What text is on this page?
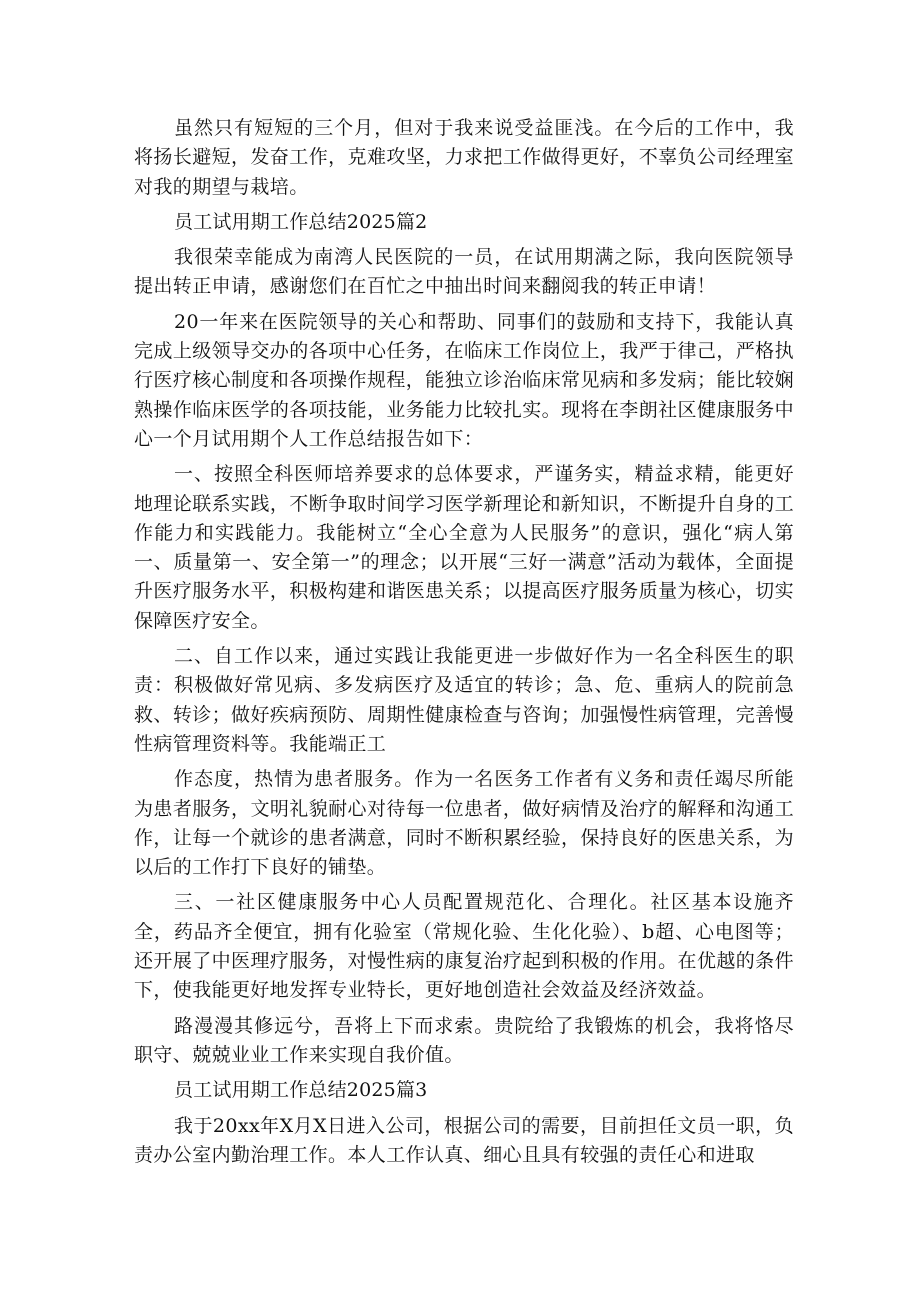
虽然只有短短的三个月，但对于我来说受益匪浅。在今后的工作中，我将扬长避短，发奋工作，克难攻坚，力求把工作做得更好，不辜负公司经理室对我的期望与栽培。

员工试用期工作总结2025篇2

我很荣幸能成为南湾人民医院的一员，在试用期满之际，我向医院领导提出转正申请，感谢您们在百忙之中抽出时间来翻阅我的转正申请！

20一年来在医院领导的关心和帮助、同事们的鼓励和支持下，我能认真完成上级领导交办的各项中心任务，在临床工作岗位上，我严于律己，严格执行医疗核心制度和各项操作规程，能独立诊治临床常见病和多发病；能比较娴熟操作临床医学的各项技能，业务能力比较扎实。现将在李朗社区健康服务中心一个月试用期个人工作总结报告如下：

一、按照全科医师培养要求的总体要求，严谨务实，精益求精，能更好地理论联系实践，不断争取时间学习医学新理论和新知识，不断提升自身的工作能力和实践能力。我能树立“全心全意为人民服务”的意识，强化“病人第一、质量第一、安全第一”的理念；以开展“三好一满意”活动为载体，全面提升医疗服务水平，积极构建和谐医患关系；以提高医疗服务质量为核心，切实保障医疗安全。

二、自工作以来，通过实践让我能更进一步做好作为一名全科医生的职责：积极做好常见病、多发病医疗及适宜的转诊；急、危、重病人的院前急救、转诊；做好疾病预防、周期性健康检查与咨询；加强慢性病管理，完善慢性病管理资料等。我能端正工

作态度，热情为患者服务。作为一名医务工作者有义务和责任竭尽所能为患者服务，文明礼貌耐心对待每一位患者，做好病情及治疗的解释和沟通工作，让每一个就诊的患者满意，同时不断积累经验，保持良好的医患关系，为以后的工作打下良好的铺垫。

三、一社区健康服务中心人员配置规范化、合理化。社区基本设施齐全，药品齐全便宜，拥有化验室（常规化验、生化化验）、b超、心电图等；还开展了中医理疗服务，对慢性病的康复治疗起到积极的作用。在优越的条件下，使我能更好地发挥专业特长，更好地创造社会效益及经济效益。

路漫漫其修远兮，吾将上下而求索。贵院给了我锻炼的机会，我将恪尽职守、兢兢业业工作来实现自我价值。

员工试用期工作总结2025篇3

我于20xx年X月X日进入公司，根据公司的需要，目前担任文员一职，负责办公室内勤治理工作。本人工作认真、细心且具有较强的责任心和进取
